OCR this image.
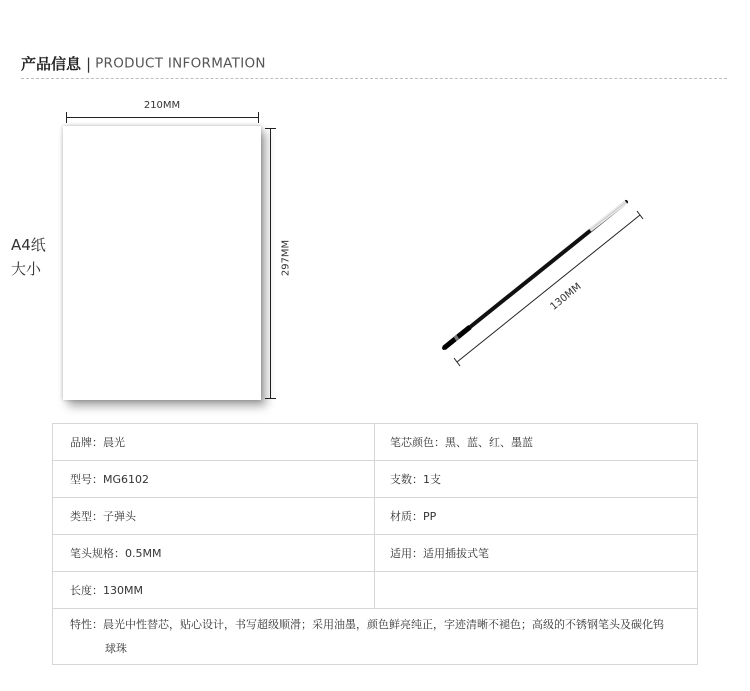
产品信息 | PRODUCT INFORMATION
210MM
297MM
130MM
A4纸
大小
品牌：晨光	笔芯颜色：黑、蓝、红、墨蓝
型号：MG6102	支数：1支
类型：子弹头	材质：PP
笔头规格：0.5MM	适用：适用插拔式笔
长度：130MM	
特性：晨光中性替芯，贴心设计，书写超级顺滑；采用油墨，颜色鲜亮纯正，字迹清晰不褪色；高级的不锈钢笔头及碳化钨球珠	
